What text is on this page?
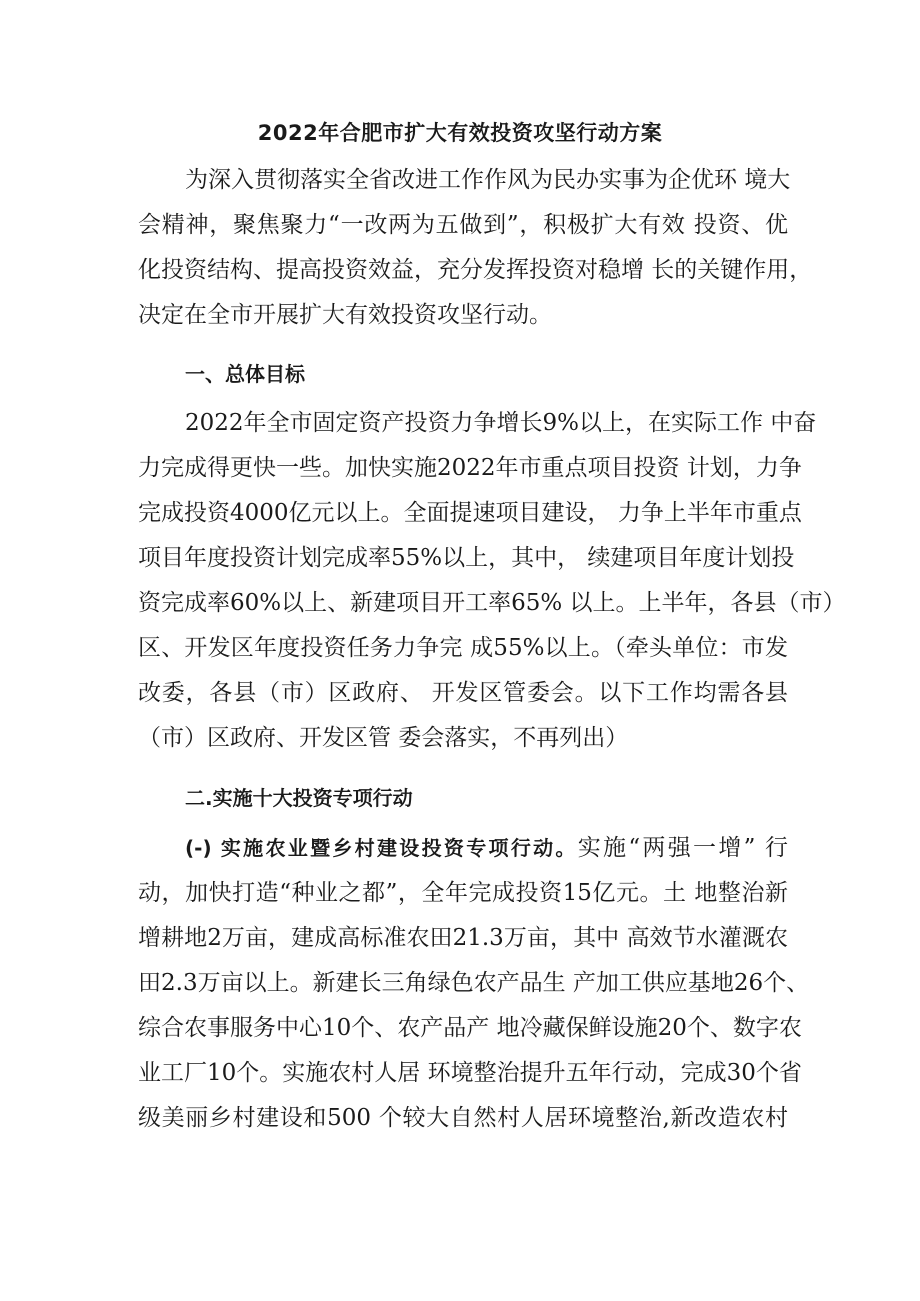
2022年合肥市扩大有效投资攻坚行动方案
为深入贯彻落实全省改进工作作风为民办实事为企优环 境大
会精神，聚焦聚力“一改两为五做到”，积极扩大有效 投资、优
化投资结构、提高投资效益，充分发挥投资对稳增 长的关键作用，
决定在全市开展扩大有效投资攻坚行动。
一、总体目标
2022年全市固定资产投资力争增长9%以上，在实际工作 中奋
力完成得更快一些。加快实施2022年市重点项目投资 计划，力争
完成投资4000亿元以上。全面提速项目建设， 力争上半年市重点
项目年度投资计划完成率55%以上，其中， 续建项目年度计划投
资完成率60%以上、新建项目开工率65% 以上。上半年，各县（市）
区、开发区年度投资任务力争完 成55%以上。（牵头单位：市发
改委，各县（市）区政府、 开发区管委会。以下工作均需各县
（市）区政府、开发区管 委会落实，不再列出）
二.实施十大投资专项行动
(-) 实施农业暨乡村建设投资专项行动。实施“两强一增” 行
动，加快打造“种业之都”，全年完成投资15亿元。土 地整治新
增耕地2万亩，建成高标准农田21.3万亩，其中 高效节水灌溉农
田2.3万亩以上。新建长三角绿色农产品生 产加工供应基地26个、
综合农事服务中心10个、农产品产 地冷藏保鲜设施20个、数字农
业工厂10个。实施农村人居 环境整治提升五年行动，完成30个省
级美丽乡村建设和500 个较大自然村人居环境整治,新改造农村
